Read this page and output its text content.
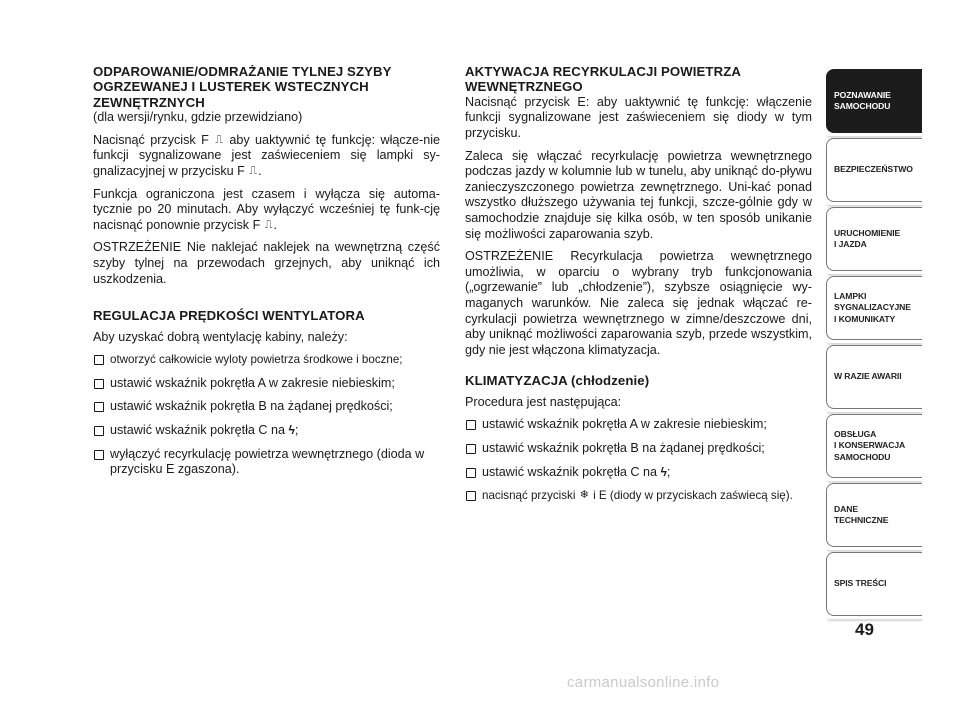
ODPAROWANIE/ODMRAŻANIE TYLNEJ SZYBY OGRZEWANEJ I LUSTEREK WSTECZNYCH ZEWNĘTRZNYCH

(dla wersji/rynku, gdzie przewidziano)

Nacisnąć przycisk F ⎍ aby uaktywnić tę funkcję: włącze-nie funkcji sygnalizowane jest zaświeceniem się lampki sy-gnalizacyjnej w przycisku F ⎍.

Funkcja ograniczona jest czasem i wyłącza się automa-tycznie po 20 minutach. Aby wyłączyć wcześniej tę funk-cję nacisnąć ponownie przycisk F ⎍.

OSTRZEŻENIE Nie naklejać naklejek na wewnętrzną część szyby tylnej na przewodach grzejnych, aby uniknąć ich uszkodzenia.

REGULACJA PRĘDKOŚCI WENTYLATORA

Aby uzyskać dobrą wentylację kabiny, należy:

otworzyć całkowicie wyloty powietrza środkowe i boczne;
ustawić wskaźnik pokrętła A w zakresie niebieskim;
ustawić wskaźnik pokrętła B na żądanej prędkości;
ustawić wskaźnik pokrętła C na ϟ;
wyłączyć recyrkulację powietrza wewnętrznego (dioda w przycisku E zgaszona).
AKTYWACJA RECYRKULACJI POWIETRZA WEWNĘTRZNEGO

Nacisnąć przycisk E: aby uaktywnić tę funkcję: włączenie funkcji sygnalizowane jest zaświeceniem się diody w tym przycisku.

Zaleca się włączać recyrkulację powietrza wewnętrznego podczas jazdy w kolumnie lub w tunelu, aby uniknąć do-pływu zanieczyszczonego powietrza zewnętrznego. Uni-kać ponad wszystko dłuższego używania tej funkcji, szcze-gólnie gdy w samochodzie znajduje się kilka osób, w ten sposób unikanie się możliwości zaparowania szyb.

OSTRZEŻENIE Recyrkulacja powietrza wewnętrznego umożliwia, w oparciu o wybrany tryb funkcjonowania („ogrzewanie” lub „chłodzenie”), szybsze osiągnięcie wy-maganych warunków. Nie zaleca się jednak włączać re-cyrkulacji powietrza wewnętrznego w zimne/deszczowe dni, aby uniknąć możliwości zaparowania szyb, przede wszystkim, gdy nie jest włączona klimatyzacja.

KLIMATYZACJA (chłodzenie)

Procedura jest następująca:

ustawić wskaźnik pokrętła A w zakresie niebieskim;
ustawić wskaźnik pokrętła B na żądanej prędkości;
ustawić wskaźnik pokrętła C na ϟ;
nacisnąć przyciski ❄ i E (diody w przyciskach zaświecą się).
POZNAWANIE
SAMOCHODU
BEZPIECZEŃSTWO
URUCHOMIENIE
I JAZDA
LAMPKI
SYGNALIZACYJNE
I KOMUNIKATY
W RAZIE AWARII
OBSŁUGA
I KONSERWACJA
SAMOCHODU
DANE
TECHNICZNE
SPIS TREŚCI
49
carmanualsonline.info
